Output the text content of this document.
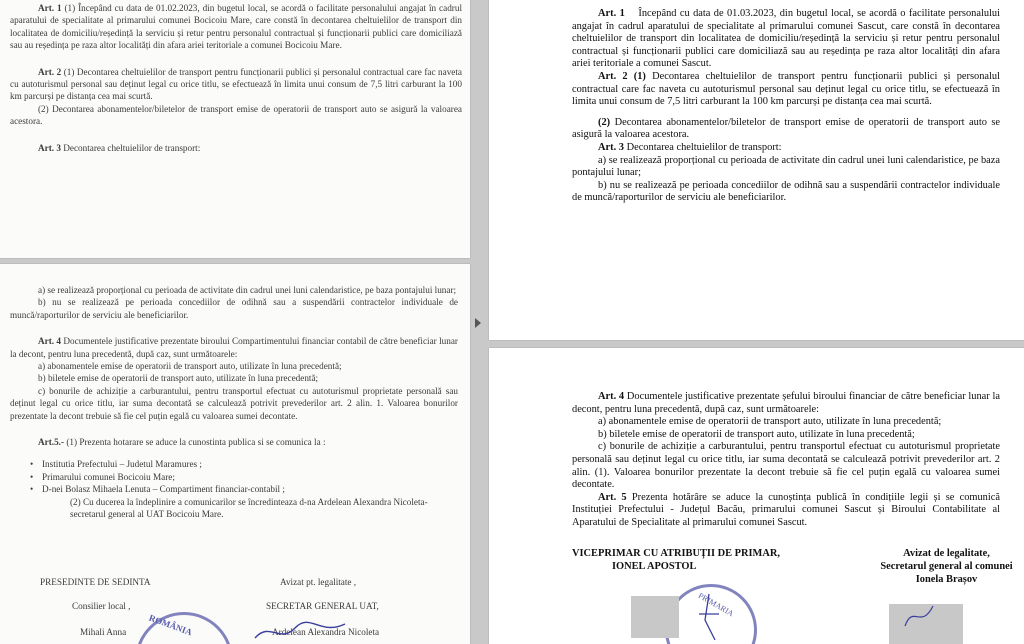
Art. 1 (1) Începând cu data de 01.02.2023, din bugetul local, se acordă o facilitate personalului angajat în cadrul aparatului de specialitate al primarului comunei Bocicoiu Mare, care constă în decontarea cheltuielilor de transport din localitatea de domiciliu/reședință la serviciu și retur pentru personalul contractual și funcționarii publici care domiciliază sau au reședința pe raza altor localități din afara ariei teritoriale a comunei Bocicoiu Mare.

Art. 2 (1) Decontarea cheltuielilor de transport pentru funcționarii publici și personalul contractual care fac naveta cu autoturismul personal sau deținut legal cu orice titlu, se efectuează în limita unui consum de 7,5 litri carburant la 100 km parcurși pe distanța cea mai scurtă.

(2) Decontarea abonamentelor/biletelor de transport emise de operatorii de transport auto se asigură la valoarea acestora.

Art. 3 Decontarea cheltuielilor de transport:

a) se realizează proporțional cu perioada de activitate din cadrul unei luni calendaristice, pe baza pontajului lunar;

b) nu se realizează pe perioada concediilor de odihnă sau a suspendării contractelor individuale de muncă/raporturilor de serviciu ale beneficiarilor.

Art. 4 Documentele justificative prezentate biroului Compartimentului financiar contabil de către beneficiar lunar la decont, pentru luna precedentă, după caz, sunt următoarele:

a) abonamentele emise de operatorii de transport auto, utilizate în luna precedentă;

b) biletele emise de operatorii de transport auto, utilizate în luna precedentă;

c) bonurile de achiziție a carburantului, pentru transportul efectuat cu autoturismul proprietate personală sau deținut legal cu orice titlu, iar suma decontată se calculează potrivit prevederilor art. 2 alin. 1. Valoarea bonurilor prezentate la decont trebuie să fie cel puțin egală cu valoarea sumei decontate.

Art.5.- (1) Prezenta hotarare se aduce la cunostinta publica si se comunica la :

• Institutia Prefectului – Judetul Maramures ;
• Primarului comunei Bocicoiu Mare;
• D-nei Bolasz Mihaela Lenuta – Compartiment financiar-contabil ;

(2) Cu ducerea la îndeplinire a comunicarilor se încredinteaza d-na Ardelean Alexandra Nicoleta-secretarul general al UAT Bocicoiu Mare.

PRESEDINTE DE SEDINTA
Consilier local ,
Mihali Anna
Avizat pt. legalitate ,
SECRETAR GENERAL UAT,
Ardelean Alexandra Nicoleta
ROMÂNIA

Art. 1 Începând cu data de 01.03.2023, din bugetul local, se acordă o facilitate personalului angajat în cadrul aparatului de specialitate al primarului comunei Sascut, care constă în decontarea cheltuielilor de transport din localitatea de domiciliu/reședință la serviciu și retur pentru personalul contractual și funcționarii publici care domiciliază sau au reședința pe raza altor localități din afara ariei teritoriale a comunei Sascut.

Art. 2 (1) Decontarea cheltuielilor de transport pentru funcționarii publici și personalul contractual care fac naveta cu autoturismul personal sau deținut legal cu orice titlu, se efectuează în limita unui consum de 7,5 litri carburant la 100 km parcurși pe distanța cea mai scurtă.

(2) Decontarea abonamentelor/biletelor de transport emise de operatorii de transport auto se asigură la valoarea acestora.

Art. 3 Decontarea cheltuielilor de transport:

a) se realizează proporțional cu perioada de activitate din cadrul unei luni calendaristice, pe baza pontajului lunar;

b) nu se realizează pe perioada concediilor de odihnă sau a suspendării contractelor individuale de muncă/raporturilor de serviciu ale beneficiarilor.

Art. 4 Documentele justificative prezentate șefului biroului financiar de către beneficiar lunar la decont, pentru luna precedentă, după caz, sunt următoarele:

a) abonamentele emise de operatorii de transport auto, utilizate în luna precedentă;

b) biletele emise de operatorii de transport auto, utilizate în luna precedentă;

c) bonurile de achiziție a carburantului, pentru transportul efectuat cu autoturismul proprietate personală sau deținut legal cu orice titlu, iar suma decontată se calculează potrivit prevederilor art. 2 alin. (1). Valoarea bonurilor prezentate la decont trebuie să fie cel puțin egală cu valoarea sumei decontate.

Art. 5 Prezenta hotărâre se aduce la cunoștința publică în condițiile legii și se comunică Instituției Prefectului - Județul Bacău, primarului comunei Sascut și Biroului Contabilitate al Aparatului de Specialitate al primarului comunei Sascut.

VICEPRIMAR CU ATRIBUȚII DE PRIMAR,
IONEL APOSTOL
Avizat de legalitate,
Secretarul general al comunei
Ionela Brașov
PRIMARIA
